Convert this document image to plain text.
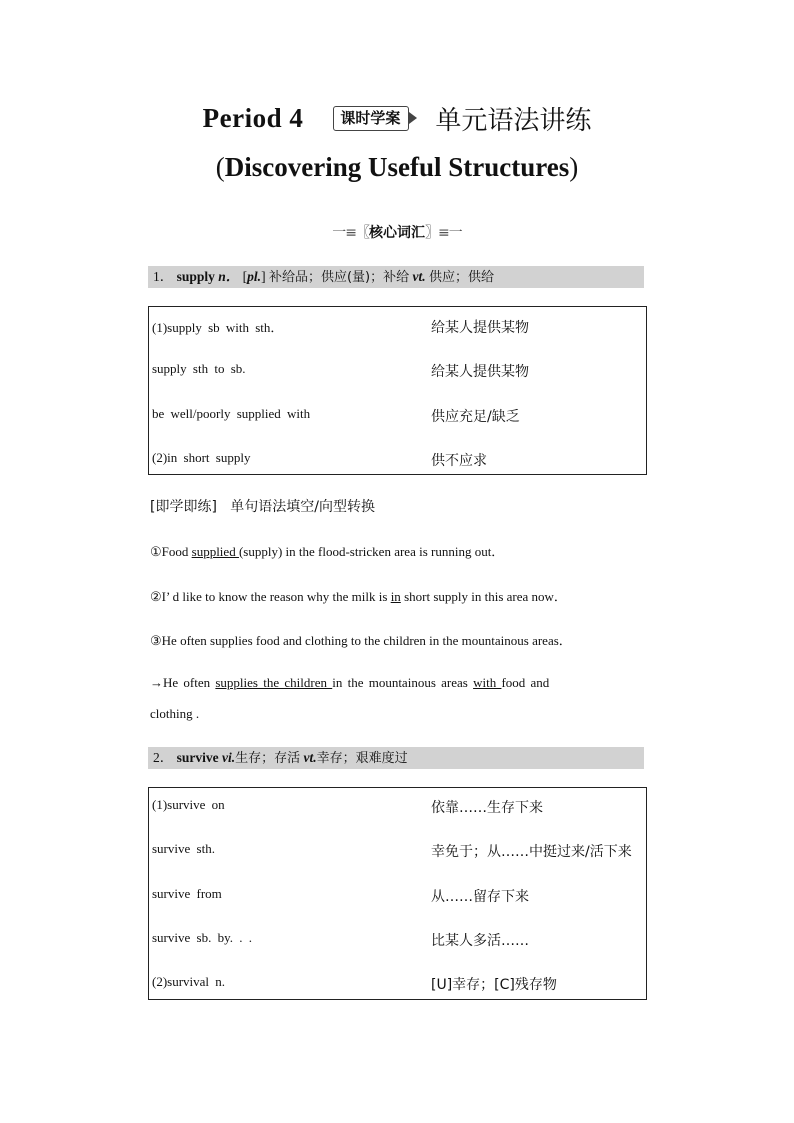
Period 4	课时学案	单元语法讲练
(Discovering Useful Structures)
一≡〖 核心词汇 〗≡一
1． supply n． [pl.] 补给品；供应(量)；补给 vt. 供应；供给
(1)supply sb with sth．	给某人提供某物
supply sth to sb.	给某人提供某物
be well/poorly supplied with	供应充足/缺乏
(2)in short supply	供不应求
[即学即练] 单句语法填空/向型转换
①Food supplied (supply) in the flood-stricken area is running out．
②I’ d like to know the reason why the milk is in short supply in this area now．
③He often supplies food and clothing to the children in the mountainous areas．
→He often supplies the children in the mountainous areas with food and
clothing .
2． survive vi.生存；存活 vt.幸存；艰难度过
(1)survive on	依靠……生存下来
survive sth.	幸免于；从……中挺过来/活下来
survive from	从……留存下来
survive sb. by. . .	比某人多活……
(2)survival n.	[U]幸存；[C]残存物
